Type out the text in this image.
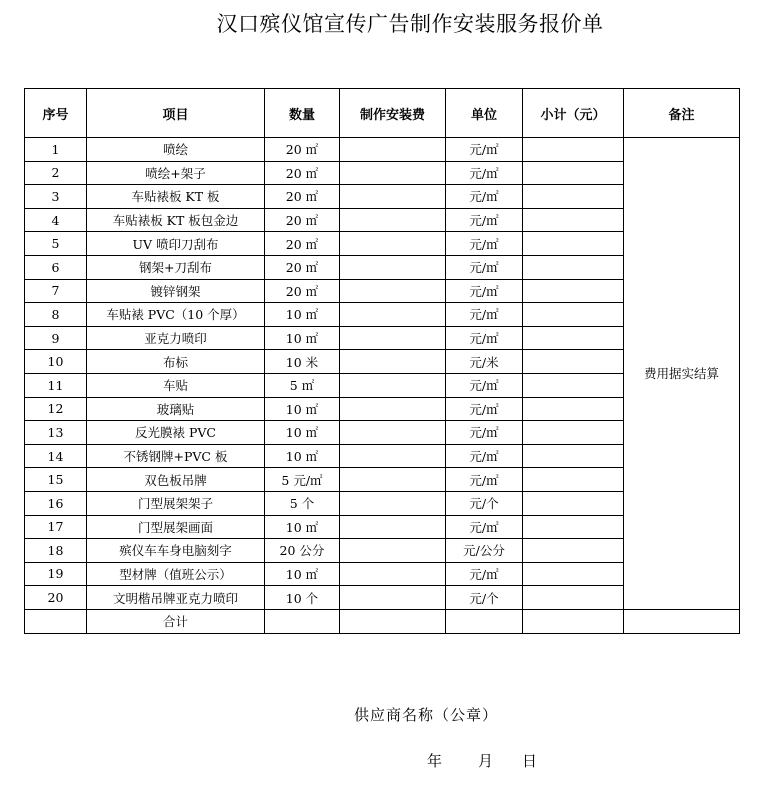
汉口殡仪馆宣传广告制作安装服务报价单
序号	项目	数量	制作安装费	单位	小计（元）	备注
1	喷绘	20 ㎡		元/㎡		费用据实结算
2	喷绘+架子	20 ㎡		元/㎡		
3	车贴裱板 KT 板	20 ㎡		元/㎡		
4	车贴裱板 KT 板包金边	20 ㎡		元/㎡		
5	UV 喷印刀刮布	20 ㎡		元/㎡		
6	钢架+刀刮布	20 ㎡		元/㎡		
7	镀锌钢架	20 ㎡		元/㎡		
8	车贴裱 PVC（10 个厚）	10 ㎡		元/㎡		
9	亚克力喷印	10 ㎡		元/㎡		
10	布标	10 米		元/米		
11	车贴	5 ㎡		元/㎡		
12	玻璃贴	10 ㎡		元/㎡		
13	反光膜裱 PVC	10 ㎡		元/㎡		
14	不锈钢牌+PVC 板	10 ㎡		元/㎡		
15	双色板吊牌	5 元/㎡		元/㎡		
16	门型展架架子	5 个		元/个		
17	门型展架画面	10 ㎡		元/㎡		
18	殡仪车车身电脑刻字	20 公分		元/公分		
19	型材牌（值班公示）	10 ㎡		元/㎡		
20	文明楷吊牌亚克力喷印	10 个		元/个		
	合计					
供应商名称（公章）
年 月 日
